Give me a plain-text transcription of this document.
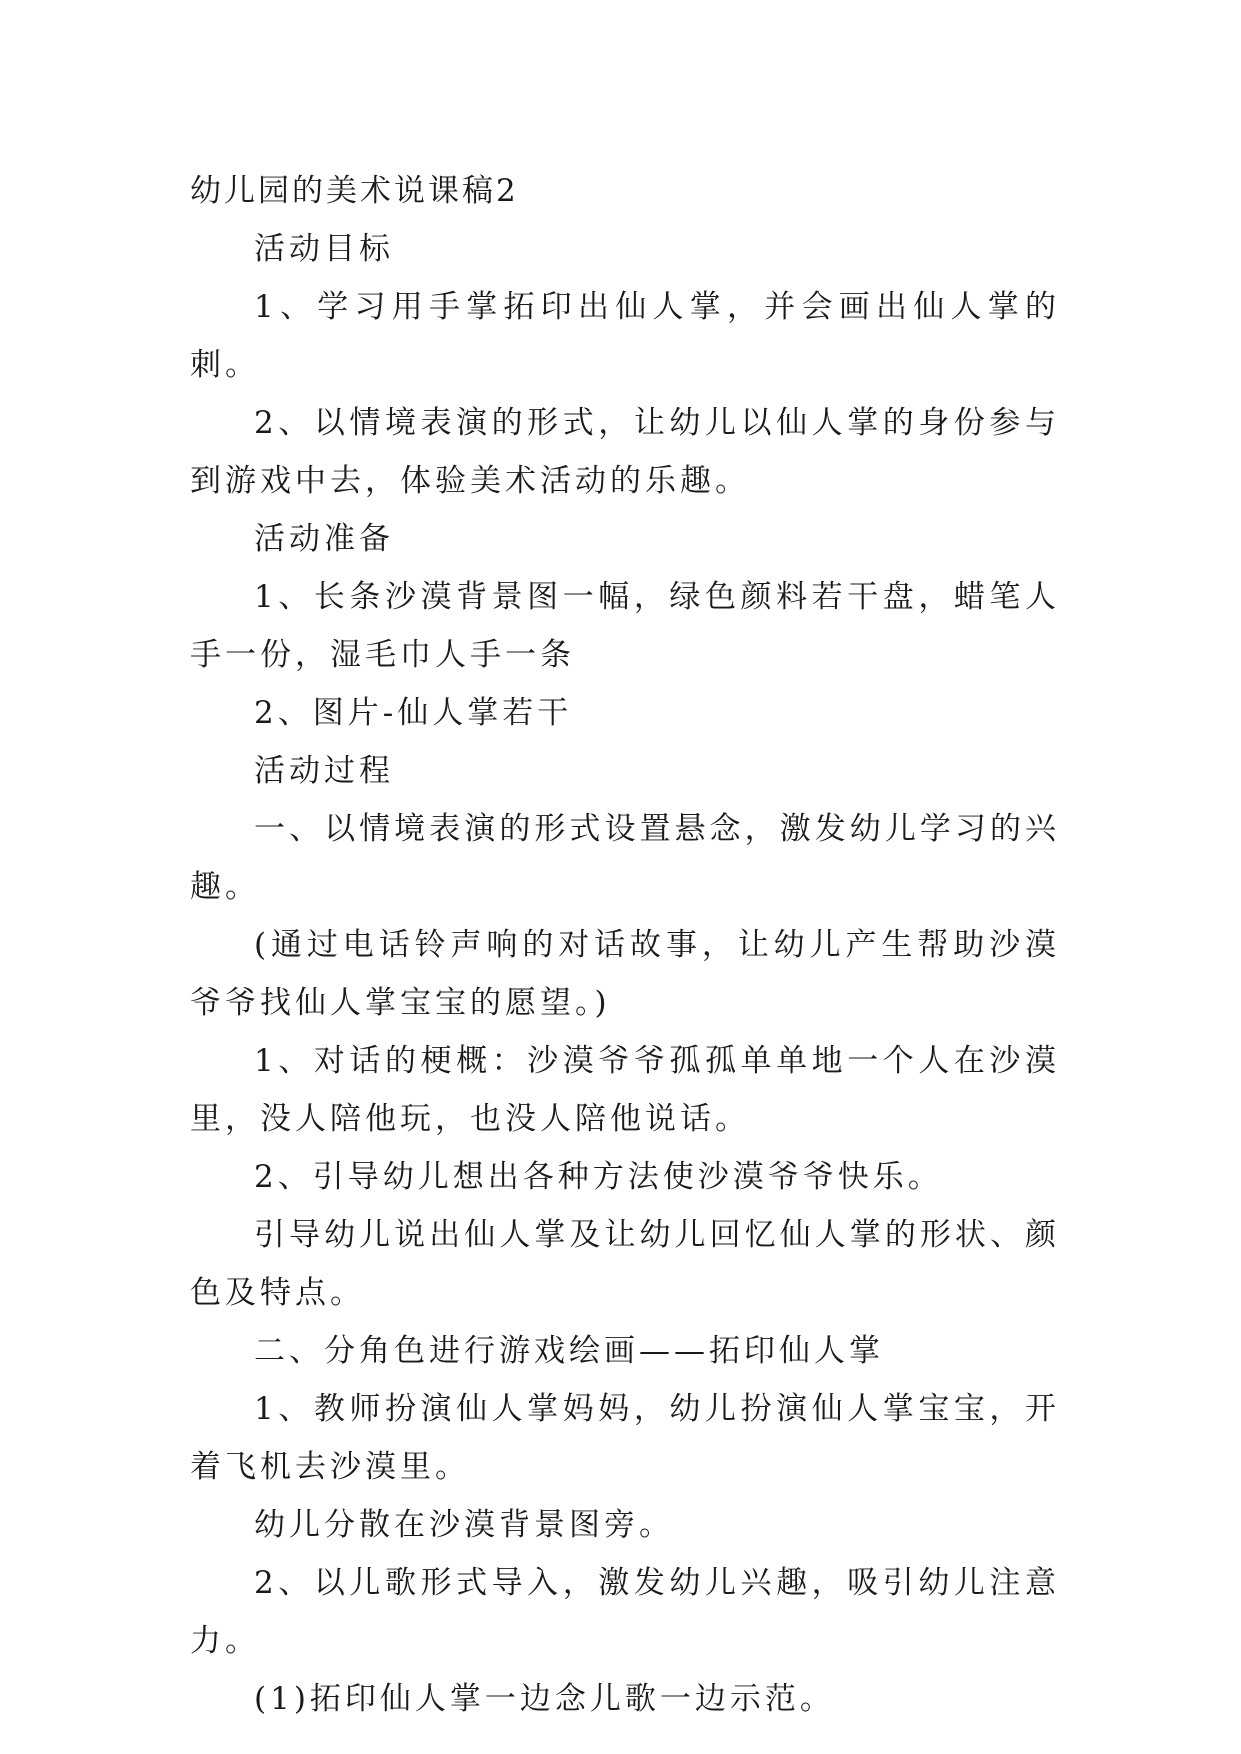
幼儿园的美术说课稿2

活动目标

1、学习用手掌拓印出仙人掌，并会画出仙人掌的刺。

2、以情境表演的形式，让幼儿以仙人掌的身份参与到游戏中去，体验美术活动的乐趣。

活动准备

1、长条沙漠背景图一幅，绿色颜料若干盘，蜡笔人手一份，湿毛巾人手一条

2、图片-仙人掌若干

活动过程

一、以情境表演的形式设置悬念，激发幼儿学习的兴趣。

(通过电话铃声响的对话故事，让幼儿产生帮助沙漠爷爷找仙人掌宝宝的愿望。)

1、对话的梗概：沙漠爷爷孤孤单单地一个人在沙漠里，没人陪他玩，也没人陪他说话。

2、引导幼儿想出各种方法使沙漠爷爷快乐。

引导幼儿说出仙人掌及让幼儿回忆仙人掌的形状、颜色及特点。

二、分角色进行游戏绘画——拓印仙人掌

1、教师扮演仙人掌妈妈，幼儿扮演仙人掌宝宝，开着飞机去沙漠里。

幼儿分散在沙漠背景图旁。

2、以儿歌形式导入，激发幼儿兴趣，吸引幼儿注意力。

(1)拓印仙人掌一边念儿歌一边示范。
